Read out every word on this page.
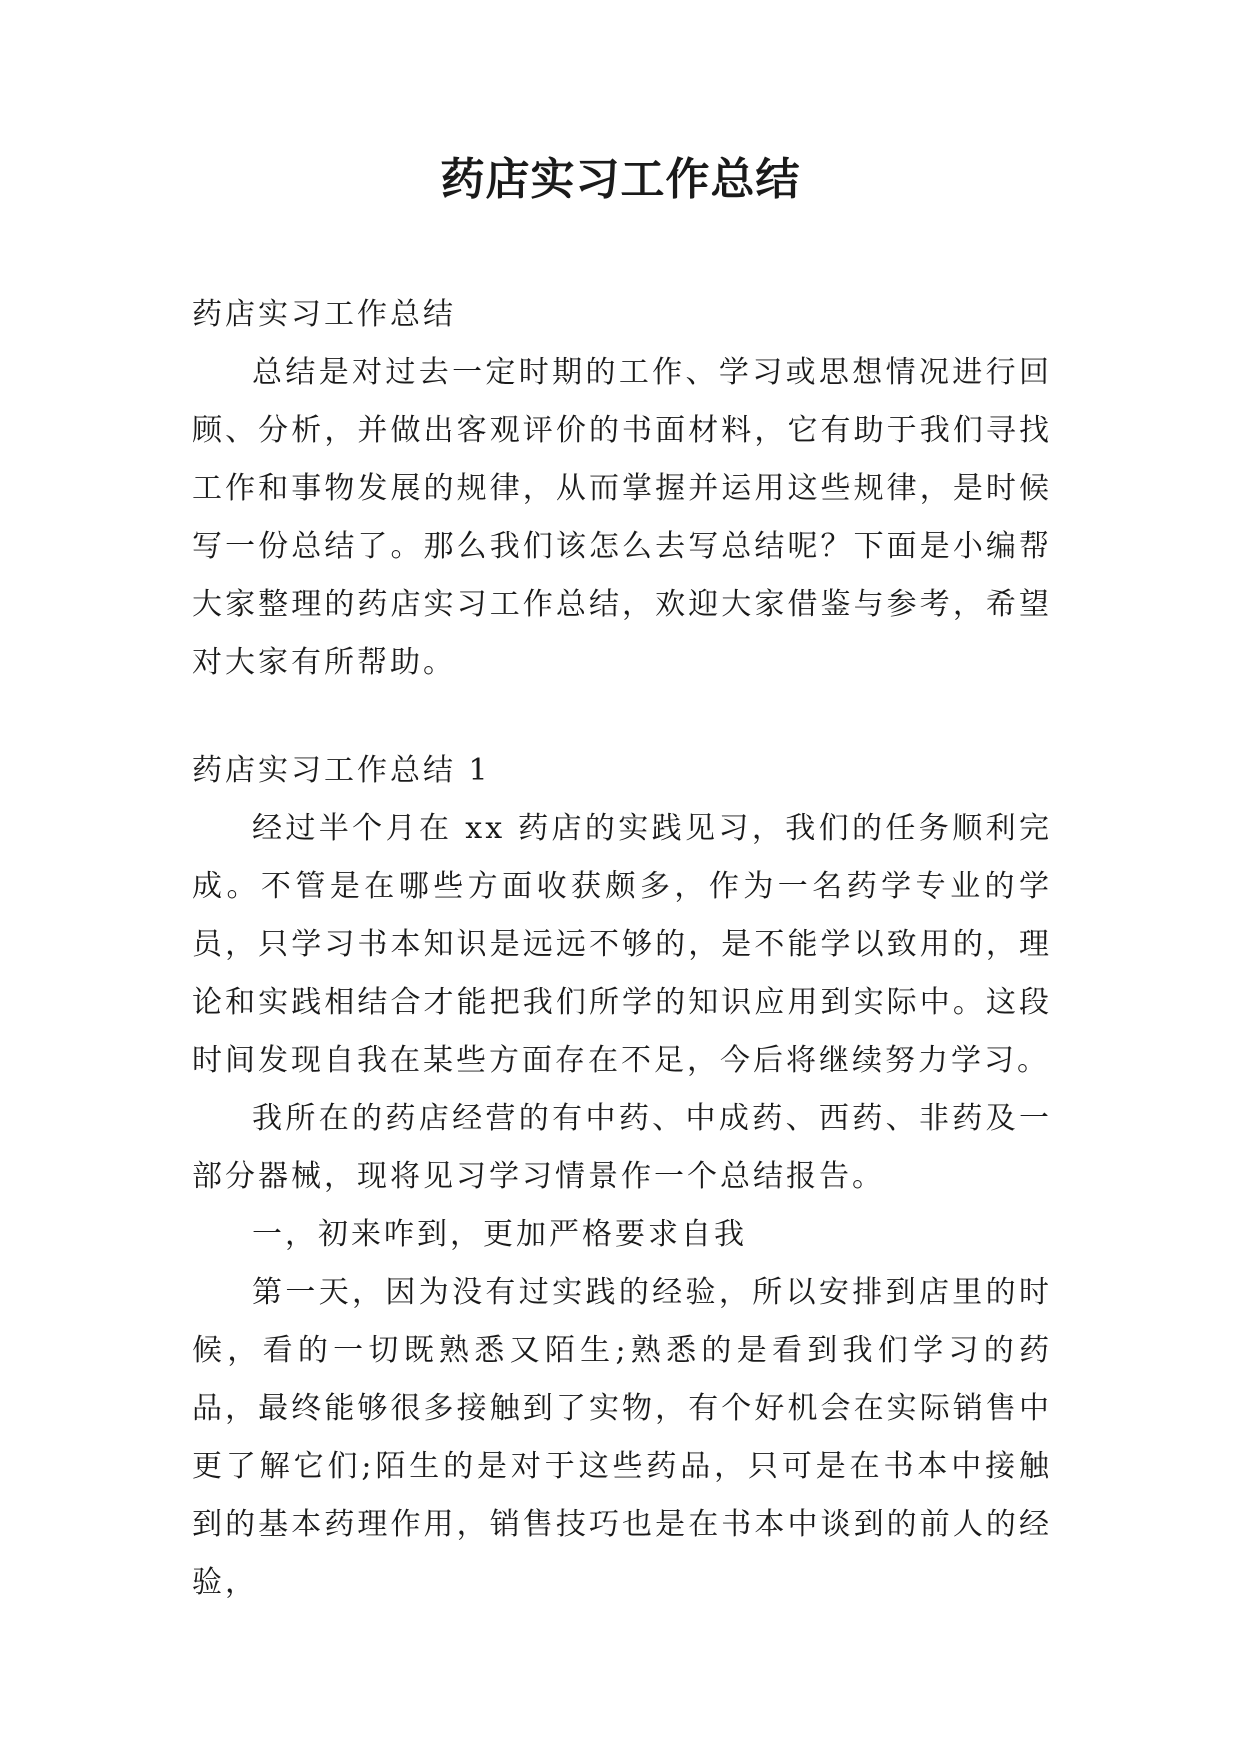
药店实习工作总结

药店实习工作总结

总结是对过去一定时期的工作、学习或思想情况进行回顾、分析，并做出客观评价的书面材料，它有助于我们寻找工作和事物发展的规律，从而掌握并运用这些规律，是时候写一份总结了。那么我们该怎么去写总结呢？下面是小编帮大家整理的药店实习工作总结，欢迎大家借鉴与参考，希望对大家有所帮助。

药店实习工作总结 1

经过半个月在 xx 药店的实践见习，我们的任务顺利完成。不管是在哪些方面收获颇多，作为一名药学专业的学员，只学习书本知识是远远不够的，是不能学以致用的，理论和实践相结合才能把我们所学的知识应用到实际中。这段时间发现自我在某些方面存在不足，今后将继续努力学习。

我所在的药店经营的有中药、中成药、西药、非药及一部分器械，现将见习学习情景作一个总结报告。

一，初来咋到，更加严格要求自我

第一天，因为没有过实践的经验，所以安排到店里的时候，看的一切既熟悉又陌生;熟悉的是看到我们学习的药品，最终能够很多接触到了实物，有个好机会在实际销售中更了解它们;陌生的是对于这些药品，只可是在书本中接触到的基本药理作用，销售技巧也是在书本中谈到的前人的经验，
